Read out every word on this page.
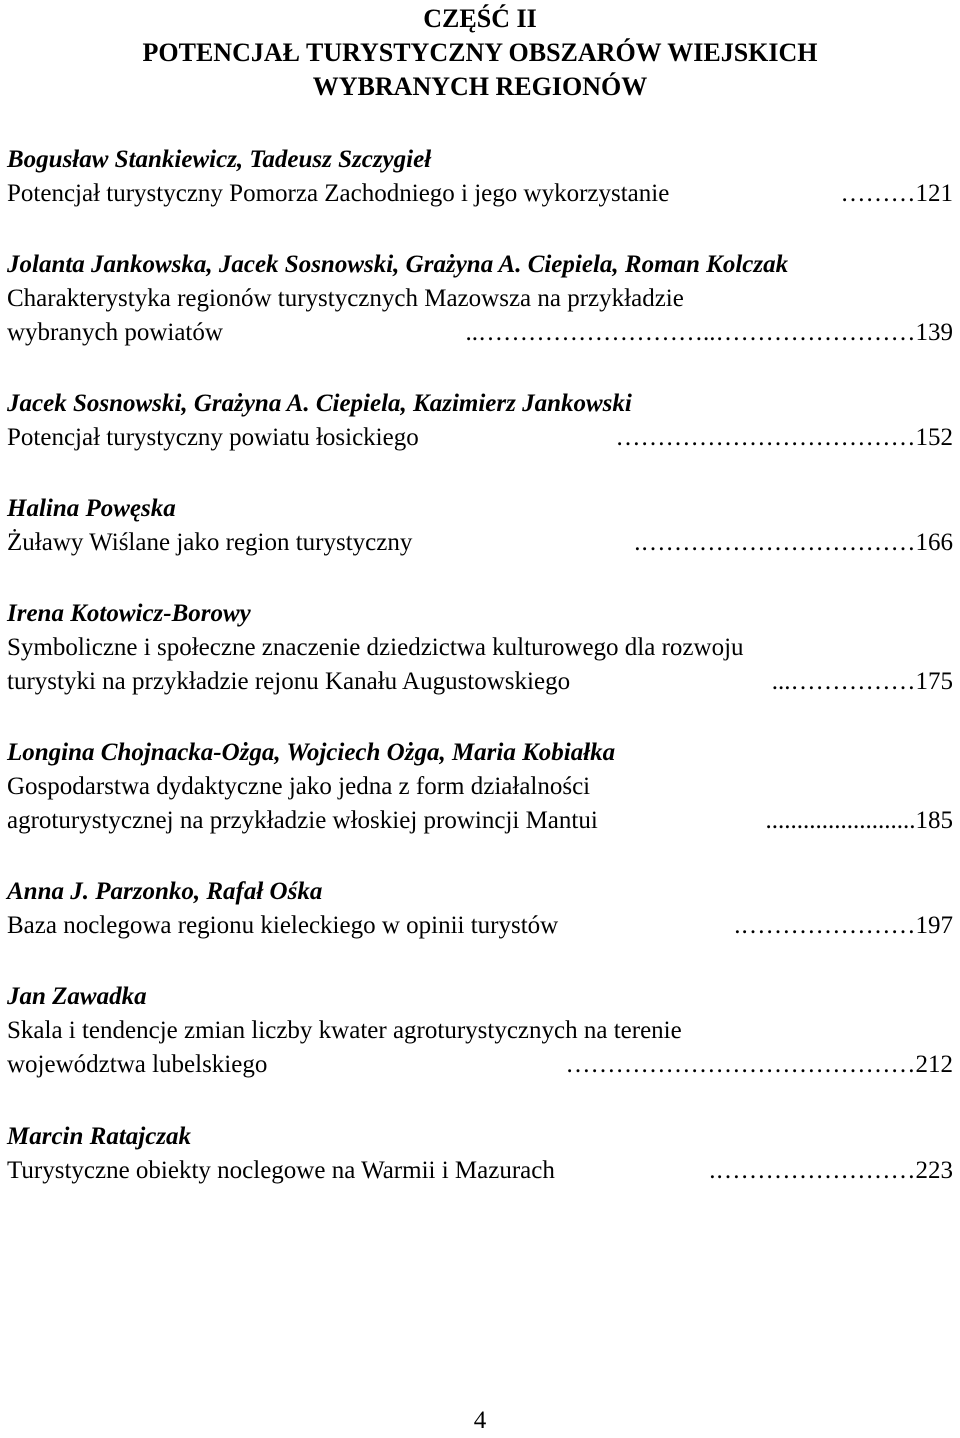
CZĘŚĆ II
POTENCJAŁ TURYSTYCZNY OBSZARÓW WIEJSKICH
WYBRANYCH REGIONÓW
Bogusław Stankiewicz, Tadeusz Szczygieł
Potencjał turystyczny Pomorza Zachodniego i jego wykorzystanie	……… 121
Jolanta Jankowska, Jacek Sosnowski, Grażyna A. Ciepiela, Roman Kolczak
Charakterystyka regionów turystycznych Mazowsza na przykładzie
wybranych powiatów	……………………..……………………….. 139
Jacek Sosnowski, Grażyna A. Ciepiela, Kazimierz Jankowski
Potencjał turystyczny powiatu łosickiego	……………………………… 152
Halina Powęska
Żuławy Wiślane jako region turystyczny	……………………………. 166
Irena Kotowicz-Borowy
Symboliczne i społeczne znaczenie dziedzictwa kulturowego dla rozwoju
turystyki na przykładzie rejonu Kanału Augustowskiego	……………... 175
Longina Chojnacka-Ożga, Wojciech Ożga, Maria Kobiałka
Gospodarstwa dydaktyczne jako jedna z form działalności
agroturystycznej na przykładzie włoskiej prowincji Mantui	........................ 185
Anna J. Parzonko, Rafał Ośka
Baza noclegowa regionu kieleckiego w opinii turystów	…………………. 197
Jan Zawadka
Skala i tendencje zmian liczby kwater agroturystycznych na terenie
województwa lubelskiego	…………………………………… 212
Marcin Ratajczak
Turystyczne obiekty noclegowe na Warmii i Mazurach	……………………. 223
4
